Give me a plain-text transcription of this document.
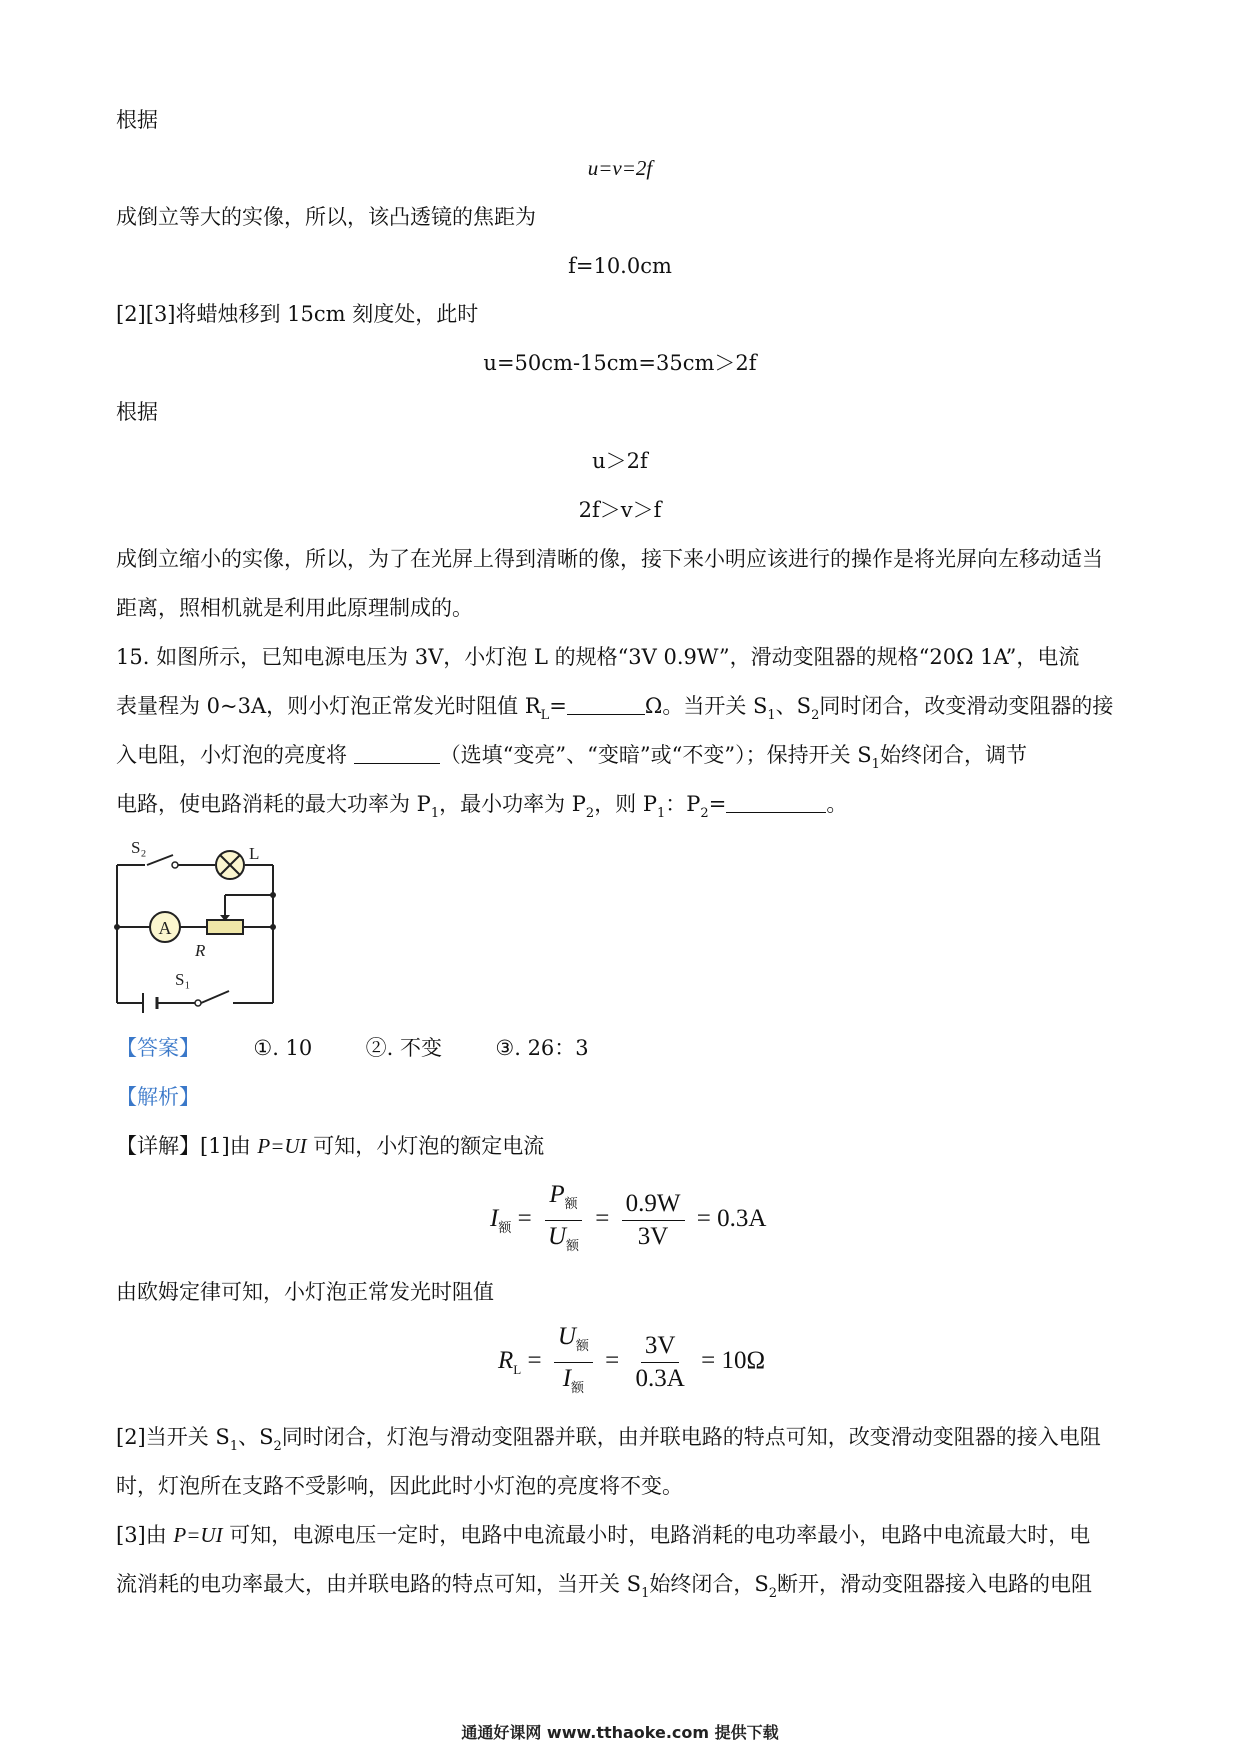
根据
u=v=2f
成倒立等大的实像，所以，该凸透镜的焦距为
f=10.0cm
[2][3]将蜡烛移到 15cm 刻度处，此时
u=50cm-15cm=35cm＞2f
根据
u＞2f
2f＞v＞f
成倒立缩小的实像，所以，为了在光屏上得到清晰的像，接下来小明应该进行的操作是将光屏向左移动适当
距离，照相机就是利用此原理制成的。
15. 如图所示，已知电源电压为 3V，小灯泡 L 的规格“3V 0.9W”，滑动变阻器的规格“20Ω 1A”，电流
表量程为 0~3A，则小灯泡正常发光时阻值 $R_L=$	Ω。当开关 $S_1$、$S_2$同时闭合，改变滑动变阻器的接
入电阻，小灯泡的亮度将	（选填“变亮”、“变暗”或“不变”）；保持开关 $S_1$始终闭合，调节
电路，使电路消耗的最大功率为 $P_1$，最小功率为 $P_2$，则 $P_1$：$P_2=$	。
A
S₂	L
R
S₁
【答案】	①. 10	②. 不变	③. 26：3
【解析】
【详解】[1]由 P=UI 可知，小灯泡的额定电流
$I_额 = \frac{P_额}{U_额} = \frac{0.9W}{3V} = 0.3A$
由欧姆定律可知，小灯泡正常发光时阻值
$R_L = \frac{U_额}{I_额} = \frac{3V}{0.3A} = 10\Omega$
[2]当开关 $S_1$、$S_2$同时闭合，灯泡与滑动变阻器并联，由并联电路的特点可知，改变滑动变阻器的接入电阻
时，灯泡所在支路不受影响，因此此时小灯泡的亮度将不变。
[3]由 P=UI 可知，电源电压一定时，电路中电流最小时，电路消耗的电功率最小，电路中电流最大时，电
流消耗的电功率最大，由并联电路的特点可知，当开关 $S_1$始终闭合，$S_2$断开，滑动变阻器接入电路的电阻
通通好课网 www.tthaoke.com 提供下载
